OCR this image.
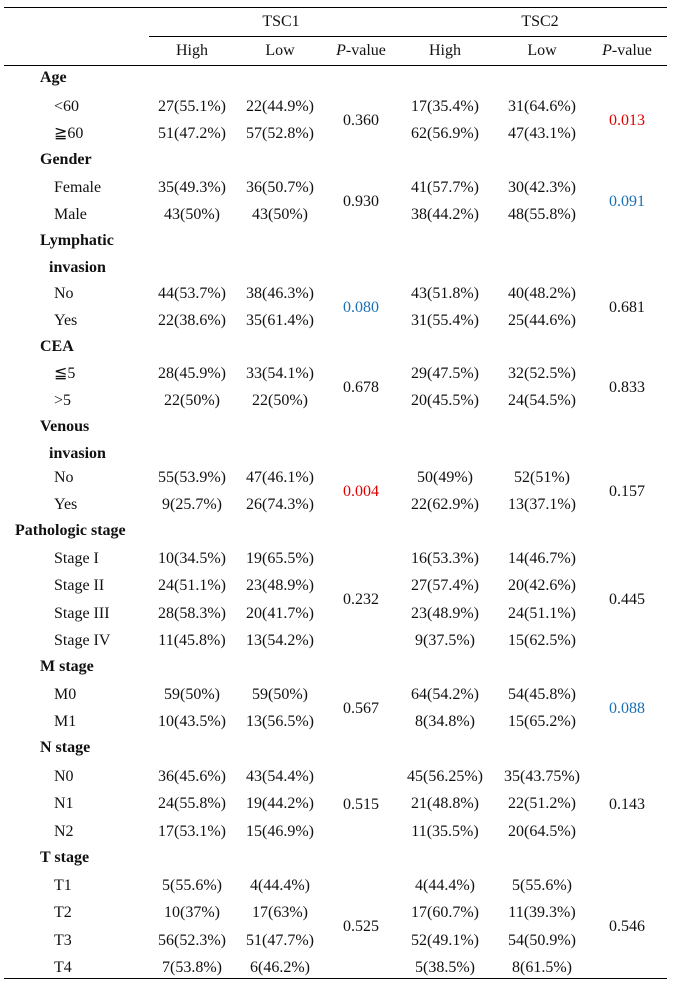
TSC1	TSC2
High	Low	P-value	High	Low	P-value
Age
<60	27(55.1%) 22(44.9%)	17(35.4%) 31(64.6%)
≧60	51(47.2%) 57(52.8%)	62(56.9%) 47(43.1%)
0.360	0.013
Gender
Female	35(49.3%) 36(50.7%)	41(57.7%) 30(42.3%)
Male	43(50%) 43(50%)	38(44.2%) 48(55.8%)
0.930	0.091
Lymphatic
invasion
No	44(53.7%) 38(46.3%)	43(51.8%) 40(48.2%)
Yes	22(38.6%) 35(61.4%)	31(55.4%) 25(44.6%)
0.080	0.681
CEA
≦5	28(45.9%) 33(54.1%)	29(47.5%) 32(52.5%)
>5	22(50%) 22(50%)	20(45.5%) 24(54.5%)
0.678	0.833
Venous
invasion
No	55(53.9%) 47(46.1%)	50(49%)	52(51%)
Yes	9(25.7%) 26(74.3%)	22(62.9%) 13(37.1%)
0.004	0.157
Pathologic stage
Stage I	10(34.5%) 19(65.5%)	16(53.3%) 14(46.7%)
Stage II	24(51.1%) 23(48.9%)	27(57.4%) 20(42.6%)
Stage III	28(58.3%) 20(41.7%)	23(48.9%) 24(51.1%)
Stage IV	11(45.8%) 13(54.2%)	9(37.5%) 15(62.5%)
0.232	0.445
M stage
M0	59(50%) 59(50%)	64(54.2%) 54(45.8%)
M1	10(43.5%) 13(56.5%)	8(34.8%) 15(65.2%)
0.567	0.088
N stage
N0	36(45.6%) 43(54.4%)	45(56.25%) 35(43.75%)
N1	24(55.8%) 19(44.2%)	21(48.8%) 22(51.2%)
N2	17(53.1%) 15(46.9%)	11(35.5%) 20(64.5%)
0.515	0.143
T stage
T1	5(55.6%) 4(44.4%)	4(44.4%) 5(55.6%)
T2	10(37%) 17(63%)	17(60.7%) 11(39.3%)
T3	56(52.3%) 51(47.7%)	52(49.1%) 54(50.9%)
T4	7(53.8%) 6(46.2%)	5(38.5%) 8(61.5%)
0.525	0.546
